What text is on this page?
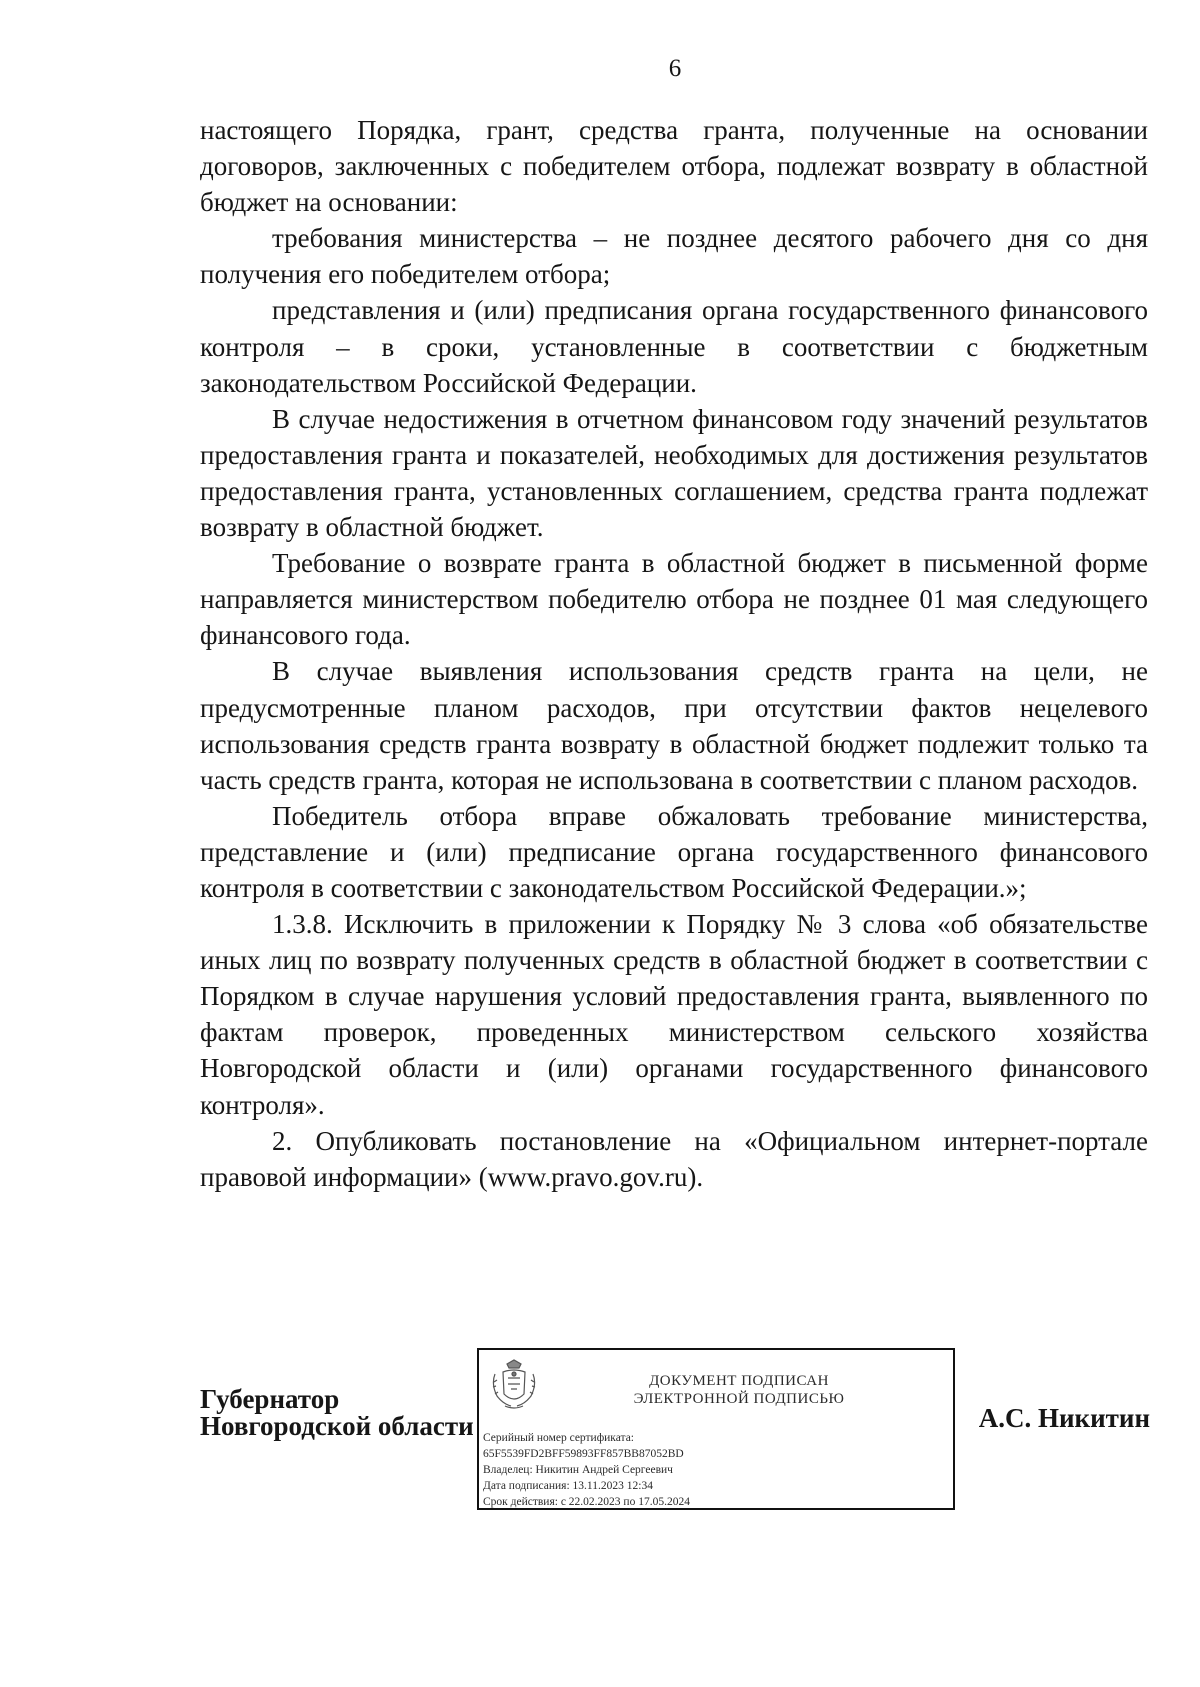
6

настоящего Порядка, грант, средства гранта, полученные на основании договоров, заключенных с победителем отбора, подлежат возврату в областной бюджет на основании:

требования министерства – не позднее десятого рабочего дня со дня получения его победителем отбора;

представления и (или) предписания органа государственного финансового контроля – в сроки, установленные в соответствии с бюджетным законодательством Российской Федерации.

В случае недостижения в отчетном финансовом году значений результатов предоставления гранта и показателей, необходимых для достижения результатов предоставления гранта, установленных соглашением, средства гранта подлежат возврату в областной бюджет.

Требование о возврате гранта в областной бюджет в письменной форме направляется министерством победителю отбора не позднее 01 мая следующего финансового года.

В случае выявления использования средств гранта на цели, не предусмотренные планом расходов, при отсутствии фактов нецелевого использования средств гранта возврату в областной бюджет подлежит только та часть средств гранта, которая не использована в соответствии с планом расходов.

Победитель отбора вправе обжаловать требование министерства, представление и (или) предписание органа государственного финансового контроля в соответствии с законодательством Российской Федерации.»;

1.3.8. Исключить в приложении к Порядку № 3 слова «об обязательстве иных лиц по возврату полученных средств в областной бюджет в соответствии с Порядком в случае нарушения условий предоставления гранта, выявленного по фактам проверок, проведенных министерством сельского хозяйства Новгородской области и (или) органами государственного финансового контроля».

2. Опубликовать постановление на «Официальном интернет-портале правовой информации» (www.pravo.gov.ru).

Губернатор
Новгородской области
ДОКУМЕНТ ПОДПИСАН
ЭЛЕКТРОННОЙ ПОДПИСЬЮ
Серийный номер сертификата:
65F5539FD2BFF59893FF857BB87052BD
Владелец: Никитин Андрей Сергеевич
Дата подписания: 13.11.2023 12:34
Срок действия: с 22.02.2023 по 17.05.2024
А.С. Никитин
